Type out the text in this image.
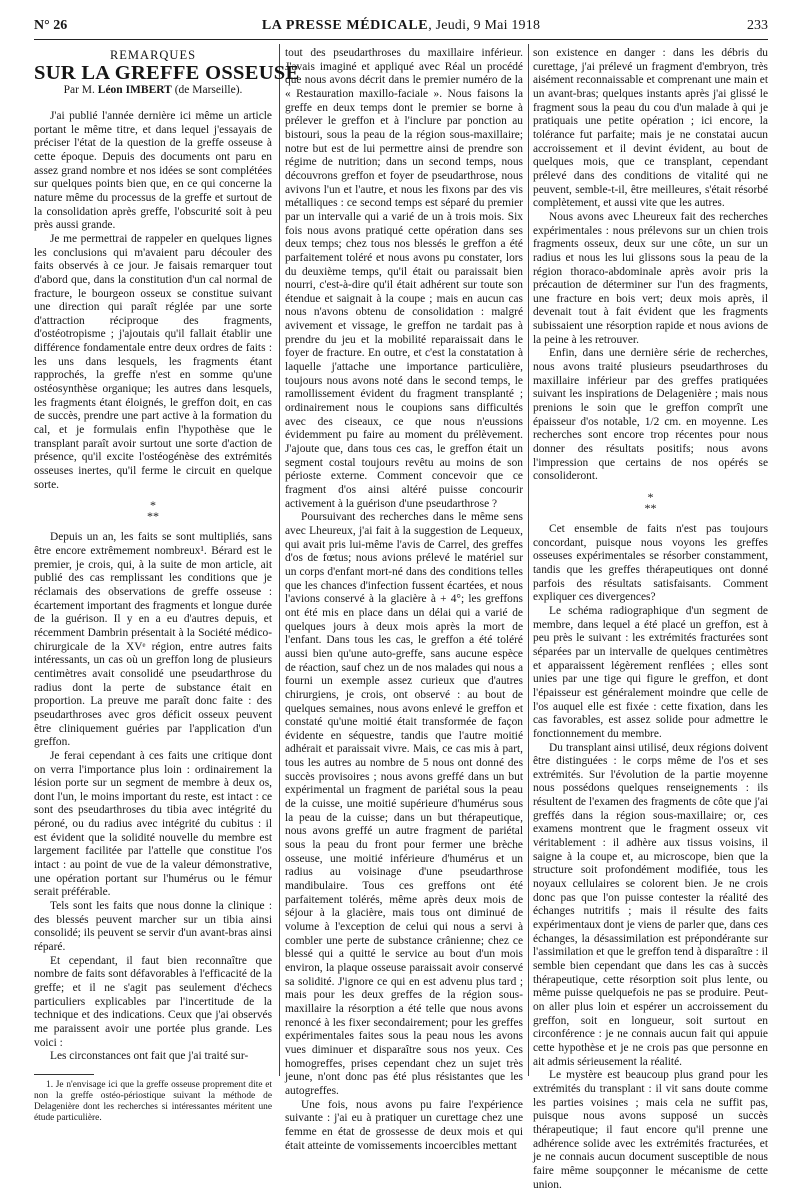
N° 26	LA PRESSE MÉDICALE, Jeudi, 9 Mai 1918	233
REMARQUES
SUR LA GREFFE OSSEUSE
Par M. Léon IMBERT (de Marseille).

J'ai publié l'année dernière ici même un article portant le même titre, et dans lequel j'essayais de préciser l'état de la question de la greffe osseuse à cette époque. Depuis des documents ont paru en assez grand nombre et nos idées se sont complétées sur quelques points bien que, en ce qui concerne la nature même du processus de la greffe et surtout de la consolidation après greffe, l'obscurité soit à peu près aussi grande.

Je me permettrai de rappeler en quelques lignes les conclusions qui m'avaient paru découler des faits observés à ce jour. Je faisais remarquer tout d'abord que, dans la constitution d'un cal normal de fracture, le bourgeon osseux se constitue suivant une direction qui paraît réglée par une sorte d'attraction réciproque des fragments, d'ostéotropisme ; j'ajoutais qu'il fallait établir une différence fondamentale entre deux ordres de faits : les uns dans lesquels, les fragments étant rapprochés, la greffe n'est en somme qu'une ostéosynthèse organique; les autres dans lesquels, les fragments étant éloignés, le greffon doit, en cas de succès, prendre une part active à la formation du cal, et je formulais enfin l'hypothèse que le transplant paraît avoir surtout une sorte d'action de présence, qu'il excite l'ostéogénèse des extrémités osseuses inertes, qu'il ferme le circuit en quelque sorte.

*
**

Depuis un an, les faits se sont multipliés, sans être encore extrêmement nombreux¹. Bérard est le premier, je crois, qui, à la suite de mon article, ait publié des cas remplissant les conditions que je réclamais des observations de greffe osseuse : écartement important des fragments et longue durée de la guérison. Il y en a eu d'autres depuis, et récemment Dambrin présentait à la Société médico-chirurgicale de la XVᵉ région, entre autres faits intéressants, un cas où un greffon long de plusieurs centimètres avait consolidé une pseudarthrose du radius dont la perte de substance était en proportion. La preuve me paraît donc faite : des pseudarthroses avec gros déficit osseux peuvent être cliniquement guéries par l'application d'un greffon.

Je ferai cependant à ces faits une critique dont on verra l'importance plus loin : ordinairement la lésion porte sur un segment de membre à deux os, dont l'un, le moins important du reste, est intact : ce sont des pseudarthroses du tibia avec intégrité du péroné, ou du radius avec intégrité du cubitus : il est évident que la solidité nouvelle du membre est largement facilitée par l'attelle que constitue l'os intact : au point de vue de la valeur démonstrative, une opération portant sur l'humérus ou le fémur serait préférable.

Tels sont les faits que nous donne la clinique : des blessés peuvent marcher sur un tibia ainsi consolidé; ils peuvent se servir d'un avant-bras ainsi réparé.

Et cependant, il faut bien reconnaître que nombre de faits sont défavorables à l'efficacité de la greffe; et il ne s'agit pas seulement d'échecs particuliers explicables par l'incertitude de la technique et des indications. Ceux que j'ai observés me paraissent avoir une portée plus grande. Les voici :

Les circonstances ont fait que j'ai traité sur-

1. Je n'envisage ici que la greffe osseuse proprement dite et non la greffe ostéo-périostique suivant la méthode de Delagenière dont les recherches si intéressantes méritent une étude particulière.

tout des pseudarthroses du maxillaire inférieur. J'avais imaginé et appliqué avec Réal un procédé que nous avons décrit dans le premier numéro de la « Restauration maxillo-faciale ». Nous faisons la greffe en deux temps dont le premier se borne à prélever le greffon et à l'inclure par ponction au bistouri, sous la peau de la région sous-maxillaire; notre but est de lui permettre ainsi de prendre son régime de nutrition; dans un second temps, nous découvrons greffon et foyer de pseudarthrose, nous avivons l'un et l'autre, et nous les fixons par des vis métalliques : ce second temps est séparé du premier par un intervalle qui a varié de un à trois mois. Six fois nous avons pratiqué cette opération dans ses deux temps; chez tous nos blessés le greffon a été parfaitement toléré et nous avons pu constater, lors du deuxième temps, qu'il était ou paraissait bien nourri, c'est-à-dire qu'il était adhérent sur toute son étendue et saignait à la coupe ; mais en aucun cas nous n'avons obtenu de consolidation : malgré avivement et vissage, le greffon ne tardait pas à prendre du jeu et la mobilité reparaissait dans le foyer de fracture. En outre, et c'est la constatation à laquelle j'attache une importance particulière, toujours nous avons noté dans le second temps, le ramollissement évident du fragment transplanté ; ordinairement nous le coupions sans difficultés avec des ciseaux, ce que nous n'eussions évidemment pu faire au moment du prélèvement. J'ajoute que, dans tous ces cas, le greffon était un segment costal toujours revêtu au moins de son périoste externe. Comment concevoir que ce fragment d'os ainsi altéré puisse concourir activement à la guérison d'une pseudarthrose ?

Poursuivant des recherches dans le même sens avec Lheureux, j'ai fait à la suggestion de Lequeux, qui avait pris lui-même l'avis de Carrel, des greffes d'os de fœtus; nous avions prélevé le matériel sur un corps d'enfant mort-né dans des conditions telles que les chances d'infection fussent écartées, et nous l'avions conservé à la glacière à + 4°; les greffons ont été mis en place dans un délai qui a varié de quelques jours à deux mois après la mort de l'enfant. Dans tous les cas, le greffon a été toléré aussi bien qu'une auto-greffe, sans aucune espèce de réaction, sauf chez un de nos malades qui nous a fourni un exemple assez curieux que d'autres chirurgiens, je crois, ont observé : au bout de quelques semaines, nous avons enlevé le greffon et constaté qu'une moitié était transformée de façon évidente en séquestre, tandis que l'autre moitié adhérait et paraissait vivre. Mais, ce cas mis à part, tous les autres au nombre de 5 nous ont donné des succès provisoires ; nous avons greffé dans un but expérimental un fragment de pariétal sous la peau de la cuisse, une moitié supérieure d'humérus sous la peau de la cuisse; dans un but thérapeutique, nous avons greffé un autre fragment de pariétal sous la peau du front pour fermer une brèche osseuse, une moitié inférieure d'humérus et un radius au voisinage d'une pseudarthrose mandibulaire. Tous ces greffons ont été parfaitement tolérés, même après deux mois de séjour à la glacière, mais tous ont diminué de volume à l'exception de celui qui nous a servi à combler une perte de substance crânienne; chez ce blessé qui a quitté le service au bout d'un mois environ, la plaque osseuse paraissait avoir conservé sa solidité. J'ignore ce qui en est advenu plus tard ; mais pour les deux greffes de la région sous-maxillaire la résorption a été telle que nous avons renoncé à les fixer secondairement; pour les greffes expérimentales faites sous la peau nous les avons vues diminuer et disparaître sous nos yeux. Ces homogreffes, prises cependant chez un sujet très jeune, n'ont donc pas été plus résistantes que les autogreffes.

Une fois, nous avons pu faire l'expérience suivante : j'ai eu à pratiquer un curettage chez une femme en état de grossesse de deux mois et qui était atteinte de vomissements incoercibles mettant

son existence en danger : dans les débris du curettage, j'ai prélevé un fragment d'embryon, très aisément reconnaissable et comprenant une main et un avant-bras; quelques instants après j'ai glissé le fragment sous la peau du cou d'un malade à qui je pratiquais une petite opération ; ici encore, la tolérance fut parfaite; mais je ne constatai aucun accroissement et il devint évident, au bout de quelques mois, que ce transplant, cependant prélevé dans des conditions de vitalité qui ne peuvent, semble-t-il, être meilleures, s'était résorbé complètement, et aussi vite que les autres.

Nous avons avec Lheureux fait des recherches expérimentales : nous prélevons sur un chien trois fragments osseux, deux sur une côte, un sur un radius et nous les lui glissons sous la peau de la région thoraco-abdominale après avoir pris la précaution de déterminer sur l'un des fragments, une fracture en bois vert; deux mois après, il devenait tout à fait évident que les fragments subissaient une résorption rapide et nous avions de la peine à les retrouver.

Enfin, dans une dernière série de recherches, nous avons traité plusieurs pseudarthroses du maxillaire inférieur par des greffes pratiquées suivant les inspirations de Delagenière ; mais nous prenions le soin que le greffon comprît une épaisseur d'os notable, 1/2 cm. en moyenne. Les recherches sont encore trop récentes pour nous donner des résultats positifs; nous avons l'impression que certains de nos opérés se consolideront.

*
**

Cet ensemble de faits n'est pas toujours concordant, puisque nous voyons les greffes osseuses expérimentales se résorber constamment, tandis que les greffes thérapeutiques ont donné parfois des résultats satisfaisants. Comment expliquer ces divergences?

Le schéma radiographique d'un segment de membre, dans lequel a été placé un greffon, est à peu près le suivant : les extrémités fracturées sont séparées par un intervalle de quelques centimètres et apparaissent légèrement renflées ; elles sont unies par une tige qui figure le greffon, et dont l'épaisseur est généralement moindre que celle de l'os auquel elle est fixée : cette fixation, dans les cas favorables, est assez solide pour admettre le fonctionnement du membre.

Du transplant ainsi utilisé, deux régions doivent être distinguées : le corps même de l'os et ses extrémités. Sur l'évolution de la partie moyenne nous possédons quelques renseignements : ils résultent de l'examen des fragments de côte que j'ai greffés dans la région sous-maxillaire; or, ces examens montrent que le fragment osseux vit véritablement : il adhère aux tissus voisins, il saigne à la coupe et, au microscope, bien que la structure soit profondément modifiée, tous les noyaux cellulaires se colorent bien. Je ne crois donc pas que l'on puisse contester la réalité des échanges nutritifs ; mais il résulte des faits expérimentaux dont je viens de parler que, dans ces échanges, la désassimilation est prépondérante sur l'assimilation et que le greffon tend à disparaître : il semble bien cependant que dans les cas à succès thérapeutique, cette résorption soit plus lente, ou même puisse quelquefois ne pas se produire. Peut-on aller plus loin et espérer un accroissement du greffon, soit en longueur, soit surtout en circonférence : je ne connais aucun fait qui appuie cette hypothèse et je ne crois pas que personne en ait admis sérieusement la réalité.

Le mystère est beaucoup plus grand pour les extrémités du transplant : il vit sans doute comme les parties voisines ; mais cela ne suffit pas, puisque nous avons supposé un succès thérapeutique; il faut encore qu'il prenne une adhérence solide avec les extrémités fracturées, et je ne connais aucun document susceptible de nous faire même soupçonner le mécanisme de cette union.
